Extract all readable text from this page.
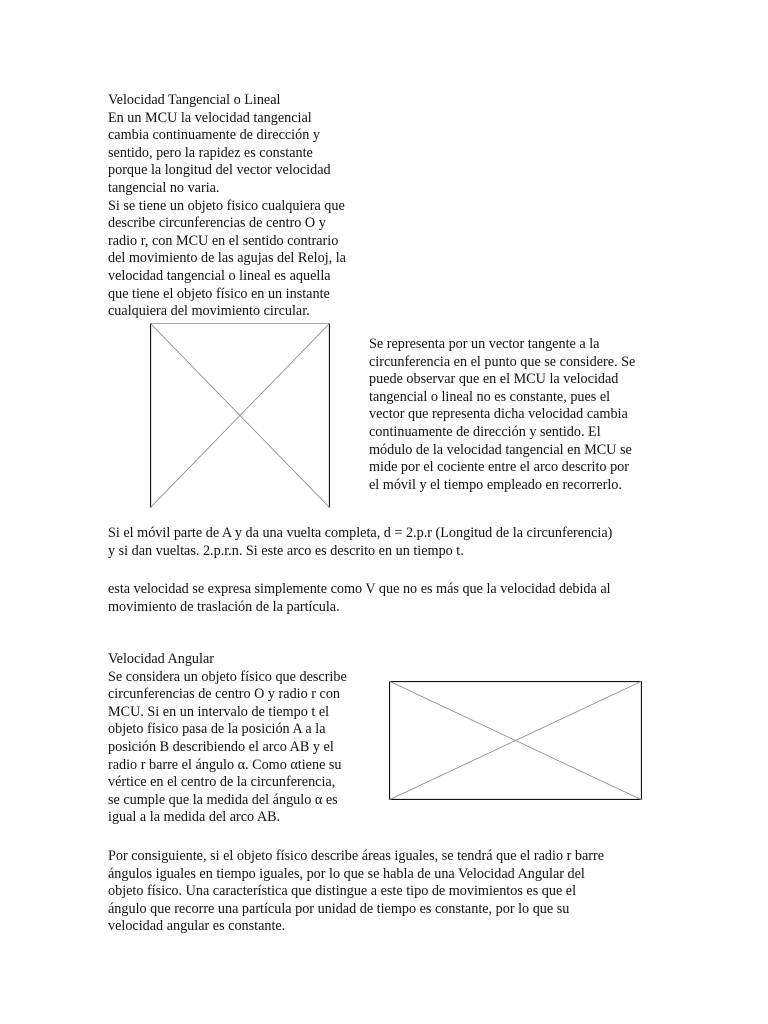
Velocidad Tangencial o Lineal
En un MCU la velocidad tangencial
cambia continuamente de dirección y
sentido, pero la rapidez es constante
porque la longitud del vector velocidad
tangencial no varia.
Si se tiene un objeto fisico cualquiera que
describe circunferencias de centro O y
radio r, con MCU en el sentido contrario
del movimiento de las agujas del Reloj, la
velocidad tangencial o lineal es aquella
que tiene el objeto físico en un instante
cualquiera del movimiento circular.
Se representa por un vector tangente a la
circunferencia en el punto que se considere. Se
puede observar que en el MCU la velocidad
tangencial o lineal no es constante, pues el
vector que representa dicha velocidad cambia
continuamente de dirección y sentido. El
módulo de la velocidad tangencial en MCU se
mide por el cociente entre el arco descrito por
el móvil y el tiempo empleado en recorrerlo.
Si el móvil parte de A y da una vuelta completa, d = 2.p.r (Longitud de la circunferencia)
y si dan vueltas. 2.p.r.n. Si este arco es descrito en un tiempo t.
esta velocidad se expresa simplemente como V que no es más que la velocidad debida al
movimiento de traslación de la partícula.
Velocidad Angular
Se considera un objeto físico que describe
circunferencias de centro O y radio r con
MCU. Si en un intervalo de tiempo t el
objeto físico pasa de la posición A a la
posición B describiendo el arco AB y el
radio r barre el ángulo α. Como αtiene su
vértice en el centro de la circunferencia,
se cumple que la medida del ángulo α es
igual a la medida del arco AB.
Por consiguiente, si el objeto físico describe áreas iguales, se tendrá que el radio r barre
ángulos iguales en tiempo iguales, por lo que se habla de una Velocidad Angular del
objeto físico. Una característica que distingue a este tipo de movimientos es que el
ángulo que recorre una partícula por unidad de tiempo es constante, por lo que su
velocidad angular es constante.
